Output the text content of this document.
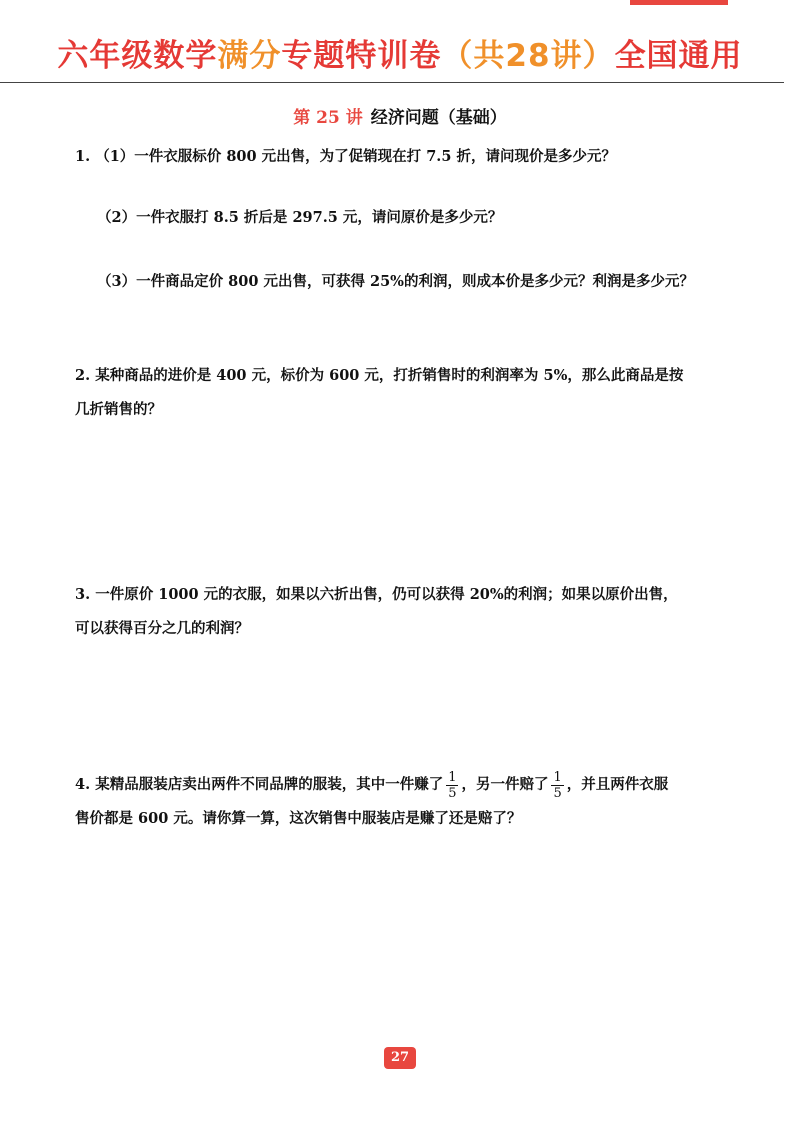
六年级数学满分专题特训卷（共28讲）全国通用
第 25 讲 经济问题（基础）
1. （1）一件衣服标价 800 元出售，为了促销现在打 7.5 折，请问现价是多少元？
（2）一件衣服打 8.5 折后是 297.5 元，请问原价是多少元？
（3）一件商品定价 800 元出售，可获得 25%的利润，则成本价是多少元？利润是多少元？
2. 某种商品的进价是 400 元，标价为 600 元，打折销售时的利润率为 5%，那么此商品是按
几折销售的？
3. 一件原价 1000 元的衣服，如果以六折出售，仍可以获得 20%的利润；如果以原价出售，
可以获得百分之几的利润？
4. 某精品服装店卖出两件不同品牌的服装，其中一件赚了 $\frac{1}{5}$ ，另一件赔了 $\frac{1}{5}$ ，并且两件衣服
售价都是 600 元。请你算一算，这次销售中服装店是赚了还是赔了？
27
